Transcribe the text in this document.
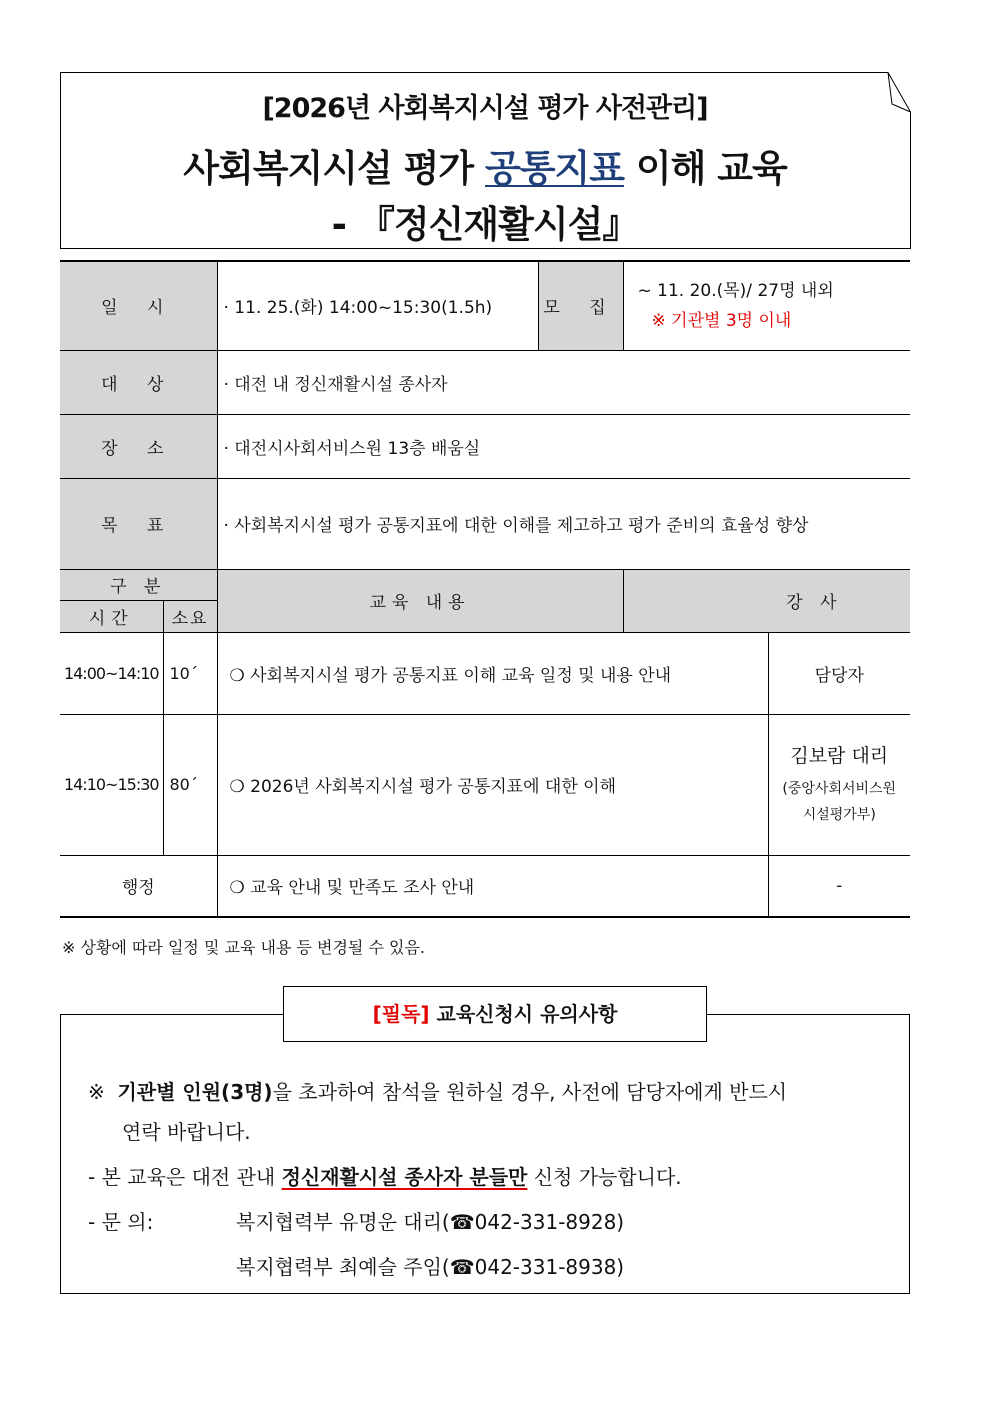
[2026년 사회복지시설 평가 사전관리]
사회복지시설 평가 공통지표 이해 교육
- 『정신재활시설』
일 시		· 11. 25.(화) 14:00~15:30(1.5h)	모 집	~ 11. 20.(목)/ 27명 내외
※ 기관별 3명 이내	

대 상		· 대전 내 정신재활시설 종사자			
장 소		· 대전시사회서비스원 13층 배움실			
목 표		· 사회복지시설 평가 공통지표에 대한 이해를 제고하고 평가 준비의 효율성 향상			
구 분		교육 내용		강 사	
시간	소요				
14:00~14:10	10´	❍ 사회복지시설 평가 공통지표 이해 교육 일정 및 내용 안내			담당자
14:10~15:30	80´	❍ 2026년 사회복지시설 평가 공통지표에 대한 이해			김보람 대리
(중앙사회서비스원 시설평가부)

행정		❍ 교육 안내 및 만족도 조사 안내			-
※ 상황에 따라 일정 및 교육 내용 등 변경될 수 있음.
[필독] 교육신청시 유의사항
※ 기관별 인원(3명)을 초과하여 참석을 원하실 경우, 사전에 담당자에게 반드시
연락 바랍니다.
- 본 교육은 대전 관내 정신재활시설 종사자 분들만 신청 가능합니다.
- 문 의:	복지협력부 유명운 대리(☎042-331-8928)
복지협력부 최예슬 주임(☎042-331-8938)
